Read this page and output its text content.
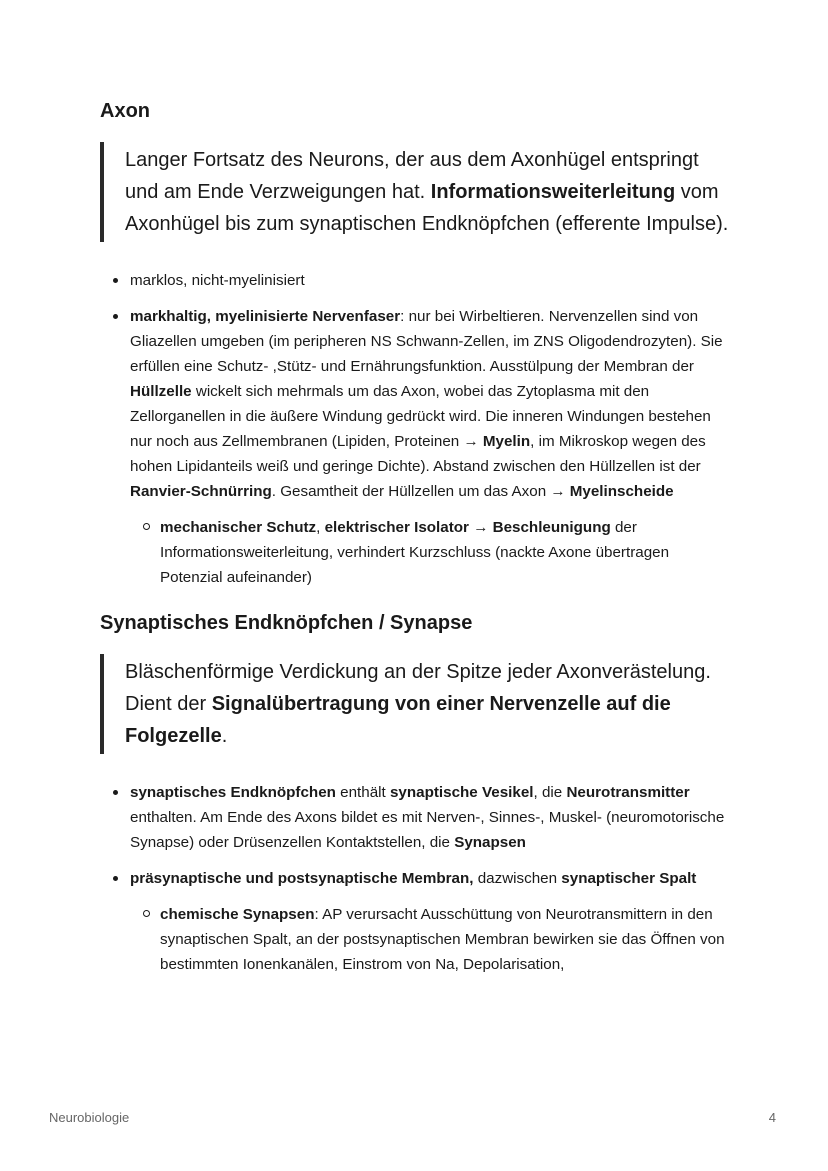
Axon
Langer Fortsatz des Neurons, der aus dem Axonhügel entspringt und am Ende Verzweigungen hat. Informationsweiterleitung vom Axonhügel bis zum synaptischen Endknöpfchen (efferente Impulse).
marklos, nicht-myelinisiert
markhaltig, myelinisierte Nervenfaser: nur bei Wirbeltieren. Nervenzellen sind von Gliazellen umgeben (im peripheren NS Schwann-Zellen, im ZNS Oligodendrozyten). Sie erfüllen eine Schutz- ,Stütz- und Ernährungsfunktion. Ausstülpung der Membran der Hüllzelle wickelt sich mehrmals um das Axon, wobei das Zytoplasma mit den Zellorganellen in die äußere Windung gedrückt wird. Die inneren Windungen bestehen nur noch aus Zellmembranen (Lipiden, Proteinen → Myelin, im Mikroskop wegen des hohen Lipidanteils weiß und geringe Dichte). Abstand zwischen den Hüllzellen ist der Ranvier-Schnürring. Gesamtheit der Hüllzellen um das Axon → Myelinscheide
mechanischer Schutz, elektrischer Isolator → Beschleunigung der Informationsweiterleitung, verhindert Kurzschluss (nackte Axone übertragen Potenzial aufeinander)
Synaptisches Endknöpfchen / Synapse
Bläschenförmige Verdickung an der Spitze jeder Axonverästelung. Dient der Signalübertragung von einer Nervenzelle auf die Folgezelle.
synaptisches Endknöpfchen enthält synaptische Vesikel, die Neurotransmitter enthalten. Am Ende des Axons bildet es mit Nerven-, Sinnes-, Muskel- (neuromotorische Synapse) oder Drüsenzellen Kontaktstellen, die Synapsen
präsynaptische und postsynaptische Membran, dazwischen synaptischer Spalt
chemische Synapsen: AP verursacht Ausschüttung von Neurotransmittern in den synaptischen Spalt, an der postsynaptischen Membran bewirken sie das Öffnen von bestimmten Ionenkanälen, Einstrom von Na, Depolarisation,
Neurobiologie	4
